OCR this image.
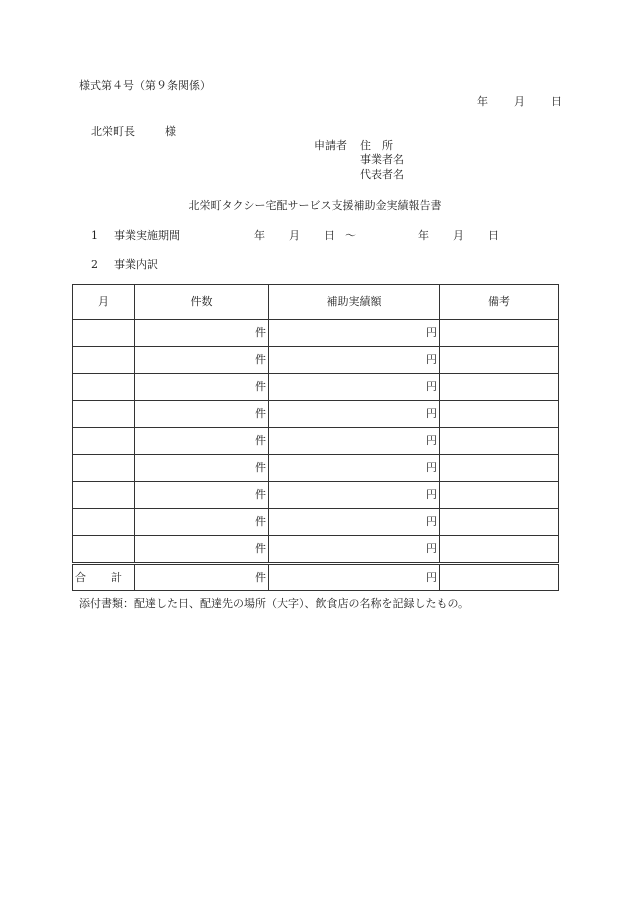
様式第４号（第９条関係）
年 月 日
北栄町長	様
申請者 住　所
事業者名
代表者名
北栄町タクシー宅配サービス支援補助金実績報告書
1 事業実施期間	年 月 日 〜	年 月 日
2 事業内訳
月	件数	補助実績額	備考
	件	円	
	件	円	
	件	円	
	件	円	
	件	円	
	件	円	
	件	円	
	件	円	
	件	円	
合 計	件	円	
添付書類：配達した日、配達先の場所（大字）、飲食店の名称を記録したもの。
